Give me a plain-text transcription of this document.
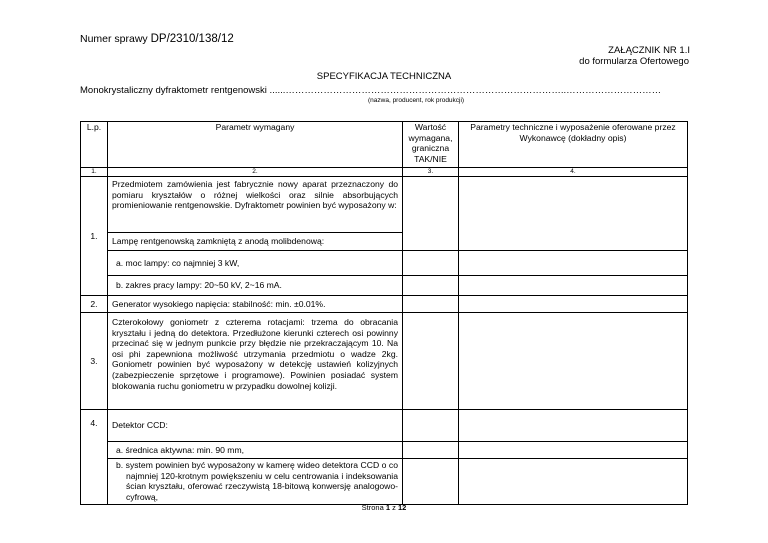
Numer sprawy DP/2310/138/12
ZAŁĄCZNIK NR 1.I
do formularza Ofertowego
SPECYFIKACJA TECHNICZNA
Monokrystaliczny dyfraktometr rentgenowski ......……………………………………………………………………………..…………………………
(nazwa, producent, rok produkcji)
L.p.	Parametr wymagany	Wartość wymagana, graniczna TAK/NIE	Parametry techniczne i wyposażenie oferowane przez Wykonawcę (dokładny opis)
1.	2.	3.	4.
1.	Przedmiotem zamówienia jest fabrycznie nowy aparat przeznaczony do pomiaru kryształów o różnej wielkości oraz silnie absorbujących promieniowanie rentgenowskie. Dyfraktometr powinien być wyposażony w:		
	Lampę rentgenowską zamkniętą z anodą molibdenową:		
	a. moc lampy: co najmniej 3 kW,		
	b. zakres pracy lampy: 20~50 kV, 2~16 mA.		
2.	Generator wysokiego napięcia: stabilność: min. ±0.01%.		
3.	Czterokołowy goniometr z czterema rotacjami: trzema do obracania kryształu i jedną do detektora. Przedłużone kierunki czterech osi powinny przecinać się w jednym punkcie przy błędzie nie przekraczającym 10. Na osi phi zapewniona możliwość utrzymania przedmiotu o wadze 2kg. Goniometr powinien być wyposażony w detekcję ustawień kolizyjnych (zabezpieczenie sprzętowe i programowe). Powinien posiadać system blokowania ruchu goniometru w przypadku dowolnej kolizji.		
4.	Detektor CCD:		
	a. średnica aktywna: min. 90 mm,		
	b. system powinien być wyposażony w kamerę wideo detektora CCD o co najmniej 120-krotnym powiększeniu w celu centrowania i indeksowania ścian kryształu, oferować rzeczywistą 18-bitową konwersję analogowo-cyfrową,		
Strona 1 z 12
